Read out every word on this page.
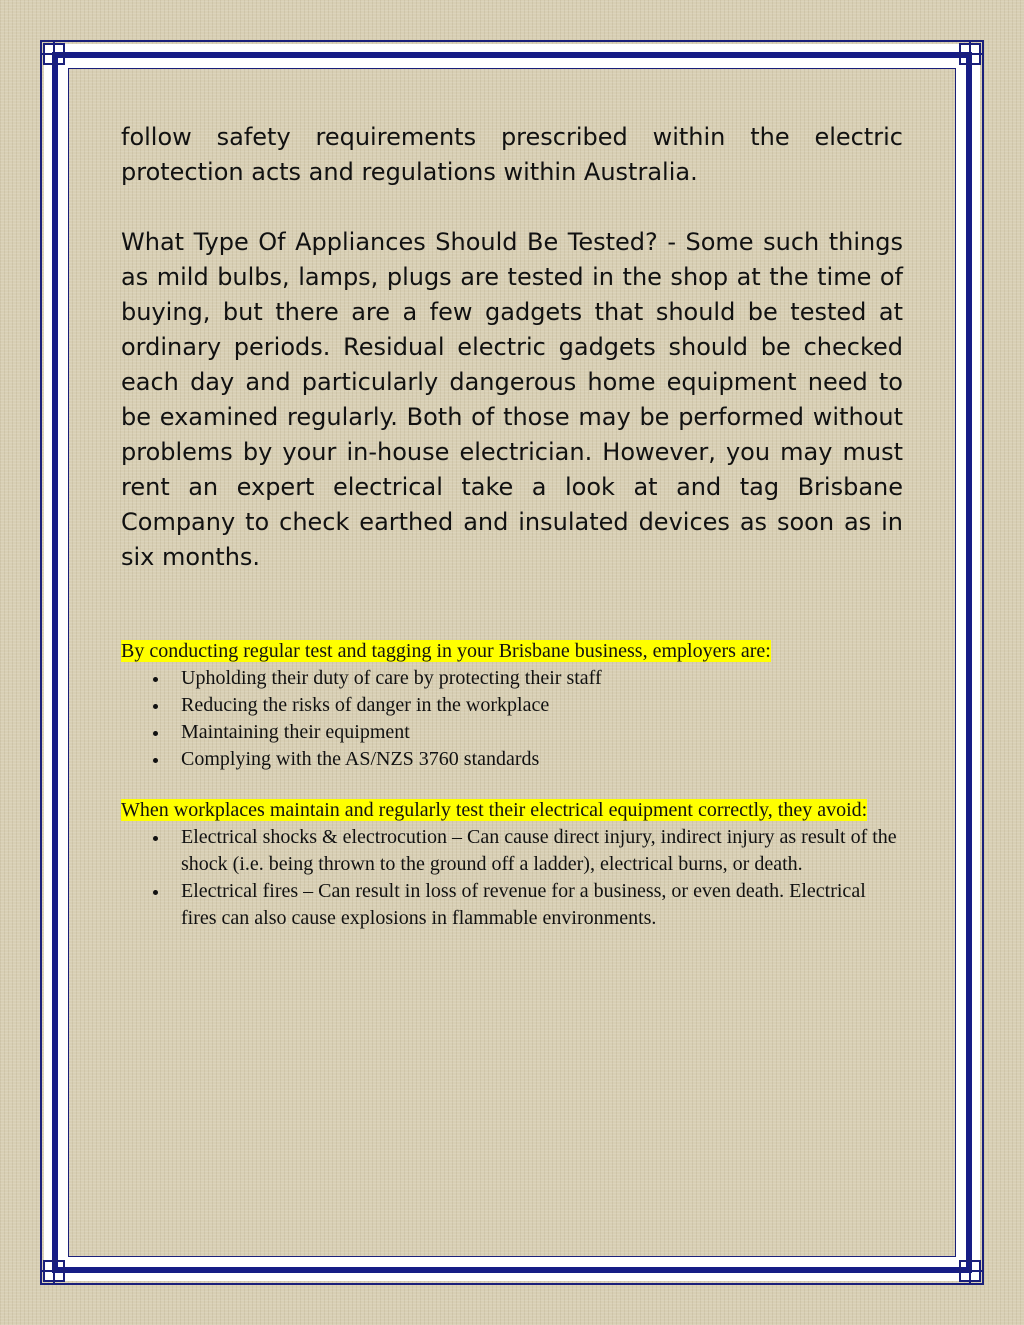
follow safety requirements prescribed within the electric protection acts and regulations within Australia.

What Type Of Appliances Should Be Tested? - Some such things as mild bulbs, lamps, plugs are tested in the shop at the time of buying, but there are a few gadgets that should be tested at ordinary periods. Residual electric gadgets should be checked each day and particularly dangerous home equipment need to be examined regularly. Both of those may be performed without problems by your in-house electrician. However, you may must rent an expert electrical take a look at and tag Brisbane Company to check earthed and insulated devices as soon as in six months.

By conducting regular test and tagging in your Brisbane business, employers are:

Upholding their duty of care by protecting their staff
Reducing the risks of danger in the workplace
Maintaining their equipment
Complying with the AS/NZS 3760 standards

When workplaces maintain and regularly test their electrical equipment correctly, they avoid:

Electrical shocks & electrocution – Can cause direct injury, indirect injury as result of the shock (i.e. being thrown to the ground off a ladder), electrical burns, or death.
Electrical fires – Can result in loss of revenue for a business, or even death. Electrical fires can also cause explosions in flammable environments.
